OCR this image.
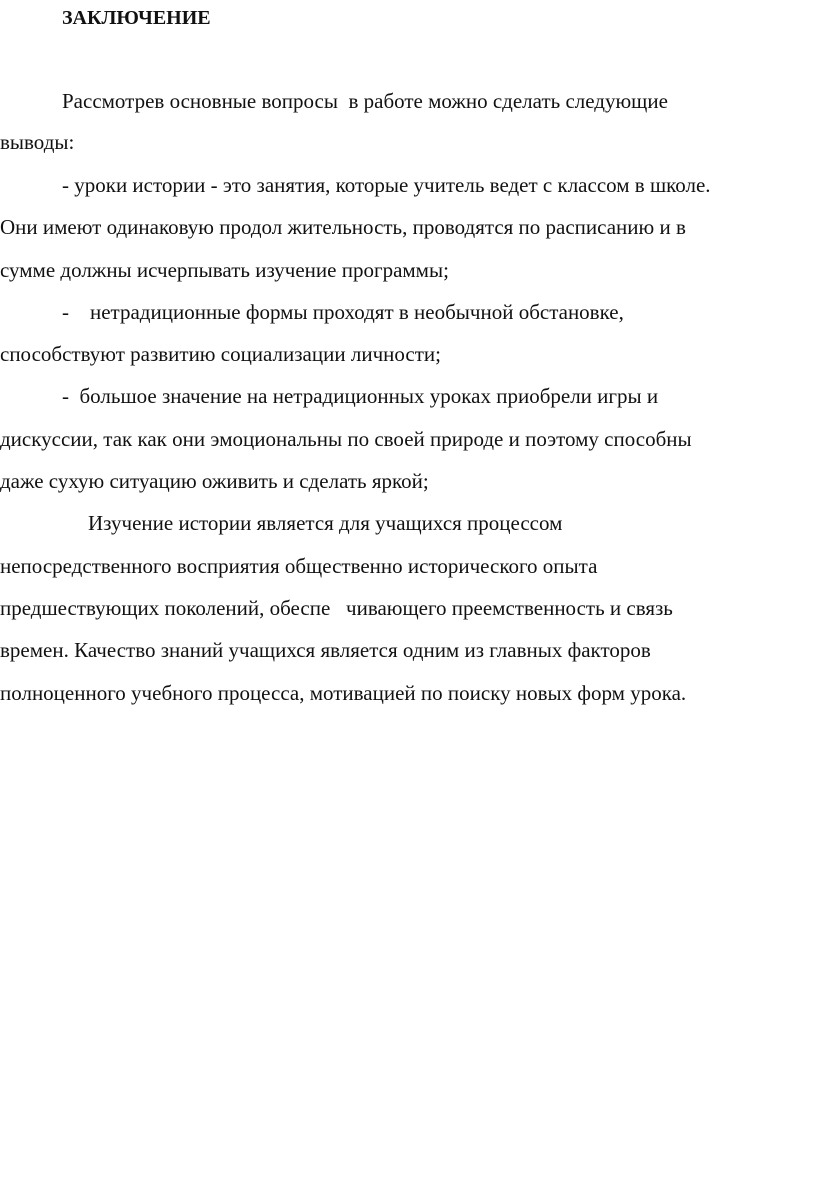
ЗАКЛЮЧЕНИЕ
Рассмотрев основные вопросы  в работе можно сделать следующие
выводы:
- уроки истории - это занятия, которые учитель ведет с классом в школе.
Они имеют одинаковую продол жительность, проводятся по расписанию и в
сумме должны исчерпывать изучение программы;
-    нетрадиционные формы проходят в необычной обстановке,
способствуют развитию социализации личности;
-  большое значение на нетрадиционных уроках приобрели игры и
дискуссии, так как они эмоциональны по своей природе и поэтому способны
даже сухую ситуацию оживить и сделать яркой;
Изучение истории является для учащихся процессом
непосредственного восприятия общественно исторического опыта
предшествующих поколений, обеспе   чивающего преемственность и связь
времен. Качество знаний учащихся является одним из главных факторов
полноценного учебного процесса, мотивацией по поиску новых форм урока.
